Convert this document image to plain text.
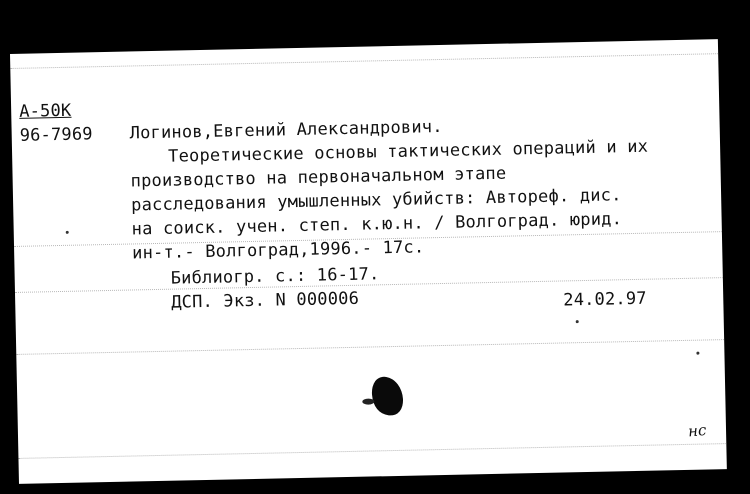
А-50К
96-7969 Логинов,Евгений Александрович.
Теоретические основы тактических операций и их
производство на первоначальном этапе
расследования умышленных убийств: Автореф. дис.
на соиск. учен. степ. к.ю.н. / Волгоград. юрид.
ин-т.- Волгоград,1996.- 17с.
Библиогр. с.: 16-17.
ДСП. Экз. N 000006	24.02.97
нс
